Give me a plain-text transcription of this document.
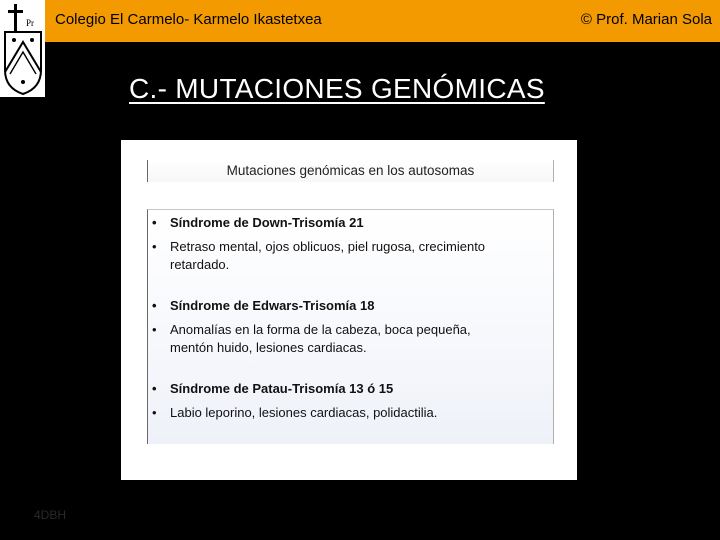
Pr Colegio El Carmelo- Karmelo Ikastetxea	© Prof. Marian Sola
C.- MUTACIONES GENÓMICAS
Mutaciones genómicas en los autosomas
• Síndrome de Down-Trisomía 21
• Retraso mental, ojos oblicuos, piel rugosa, crecimiento
retardado.
• Síndrome de Edwars-Trisomía 18
• Anomalías en la forma de la cabeza, boca pequeña,
mentón huido, lesiones cardiacas.
• Síndrome de Patau-Trisomía 13 ó 15
• Labio leporino, lesiones cardiacas, polidactilia.
4DBH
